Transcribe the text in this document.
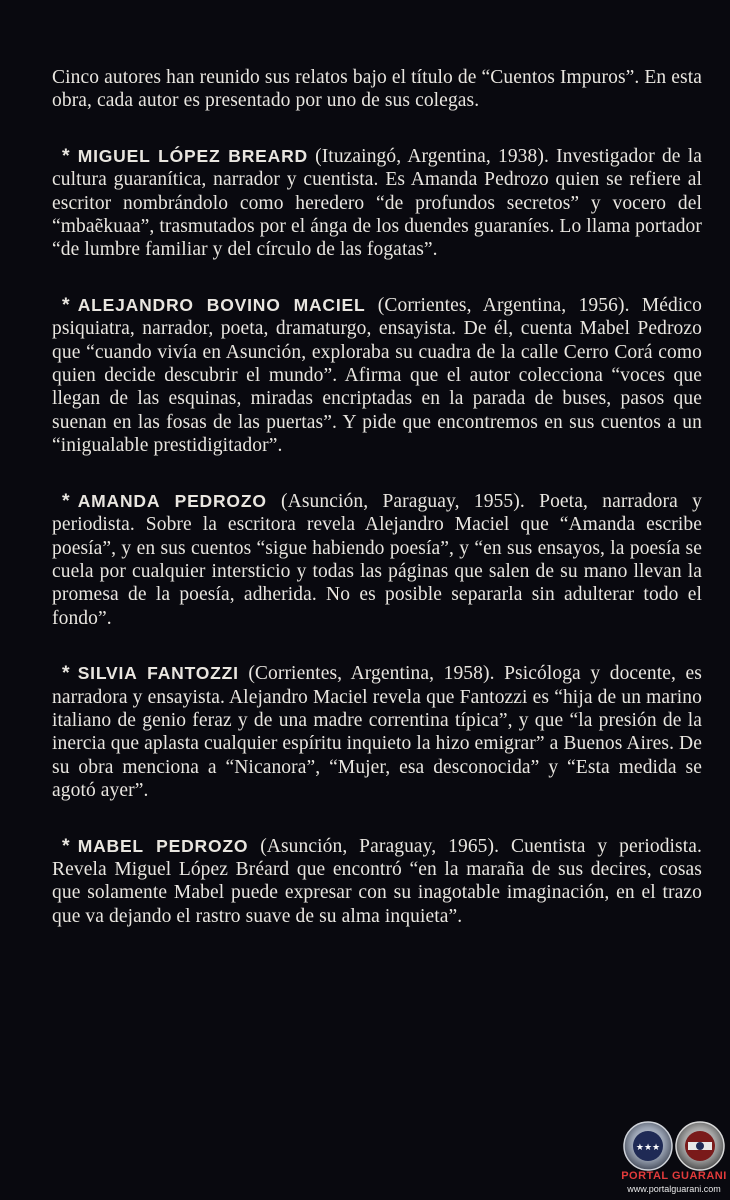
Cinco autores han reunido sus relatos bajo el título de “Cuentos Impuros”. En esta obra, cada autor es presentado por uno de sus colegas.

* MIGUEL LÓPEZ BREARD (Ituzaingó, Argentina, 1938). Investigador de la cultura guaranítica, narrador y cuentista. Es Amanda Pedrozo quien se refiere al escritor nombrándolo como heredero “de profundos secretos” y vocero del “mbaẽkuaa”, trasmutados por el ánga de los duendes guaraníes. Lo llama portador “de lumbre familiar y del círculo de las fogatas”.

* ALEJANDRO BOVINO MACIEL (Corrientes, Argentina, 1956). Médico psiquiatra, narrador, poeta, dramaturgo, ensayista. De él, cuenta Mabel Pedrozo que “cuando vivía en Asunción, exploraba su cuadra de la calle Cerro Corá como quien decide descubrir el mundo”. Afirma que el autor colecciona “voces que llegan de las esquinas, miradas encriptadas en la parada de buses, pasos que suenan en las fosas de las puertas”. Y pide que encontremos en sus cuentos a un “inigualable prestidigitador”.

* AMANDA PEDROZO (Asunción, Paraguay, 1955). Poeta, narradora y periodista. Sobre la escritora revela Alejandro Maciel que “Amanda escribe poesía”, y en sus cuentos “sigue habiendo poesía”, y “en sus ensayos, la poesía se cuela por cualquier intersticio y todas las páginas que salen de su mano llevan la promesa de la poesía, adherida. No es posible separarla sin adulterar todo el fondo”.

* SILVIA FANTOZZI (Corrientes, Argentina, 1958). Psicóloga y docente, es narradora y ensayista. Alejandro Maciel revela que Fantozzi es “hija de un marino italiano de genio feraz y de una madre correntina típica”, y que “la presión de la inercia que aplasta cualquier espíritu inquieto la hizo emigrar” a Buenos Aires. De su obra menciona a “Nicanora”, “Mujer, esa desconocida” y “Esta medida se agotó ayer”.

* MABEL PEDROZO (Asunción, Paraguay, 1965). Cuentista y periodista. Revela Miguel López Bréard que encontró “en la maraña de sus decires, cosas que solamente Mabel puede expresar con su inagotable imaginación, en el trazo que va dejando el rastro suave de su alma inquieta”.

★★★
PORTAL GUARANI
www.portalguarani.com
